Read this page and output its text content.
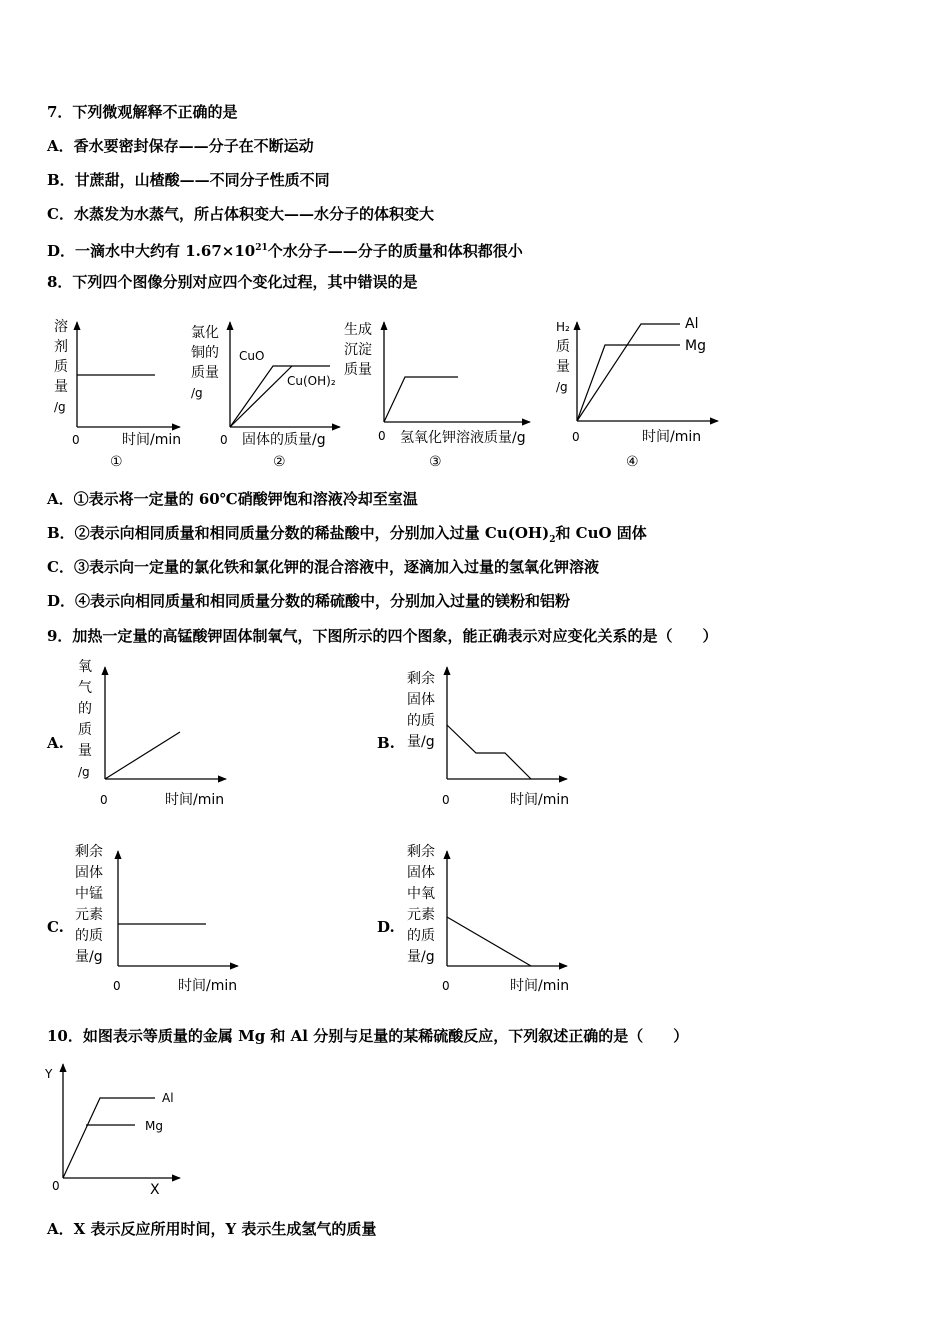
7．下列微观解释不正确的是
A．香水要密封保存——分子在不断运动
B．甘蔗甜，山楂酸——不同分子性质不同
C．水蒸发为水蒸气，所占体积变大——水分子的体积变大
D．一滴水中大约有 $1.67\times 10^{21}$个水分子——分子的质量和体积都很小
8．下列四个图像分别对应四个变化过程，其中错误的是
溶
剂
质
量
/g
0	时间/min
①
氯化
铜的
质量
/g
CuO
Cu(OH)₂
0 固体的质量/g
②
生成
沉淀
质量
0 氢氧化钾溶液质量/g
③
H₂
质
量
/g
Al
Mg
0	时间/min
④
A.
氧
气
的
质
量
/g
0	时间/min
B.
剩余
固体
的质
量/g
0	时间/min
C.
剩余
固体
中锰
元素
的质
量/g
0	时间/min
D.
剩余
固体
中氧
元素
的质
量/g
0	时间/min
Y
X
0
Al
Mg
A．①表示将一定量的 60℃硝酸钾饱和溶液冷却至室温
B．②表示向相同质量和相同质量分数的稀盐酸中，分别加入过量 $Cu(OH)_2$和 CuO 固体
C．③表示向一定量的氯化铁和氯化钾的混合溶液中，逐滴加入过量的氢氧化钾溶液
D．④表示向相同质量和相同质量分数的稀硫酸中，分别加入过量的镁粉和铝粉
9．加热一定量的高锰酸钾固体制氧气，下图所示的四个图象，能正确表示对应变化关系的是（　　）
10．如图表示等质量的金属 Mg 和 Al 分别与足量的某稀硫酸反应，下列叙述正确的是（　　）
A．X 表示反应所用时间，Y 表示生成氢气的质量
